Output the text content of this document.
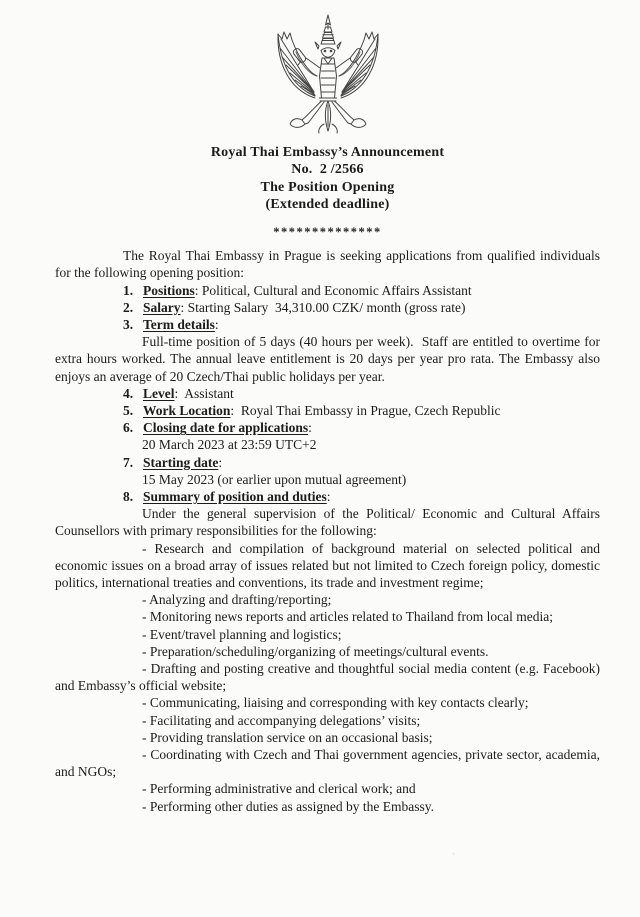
Royal Thai Embassy’s Announcement
No.  2 /2566
The Position Opening
(Extended deadline)
**************

The Royal Thai Embassy in Prague is seeking applications from qualified individuals for the following opening position:

1. Positions: Political, Cultural and Economic Affairs Assistant
2. Salary: Starting Salary  34,310.00 CZK/ month (gross rate)
3. Term details:

Full-time position of 5 days (40 hours per week).  Staff are entitled to overtime for extra hours worked. The annual leave entitlement is 20 days per year pro rata. The Embassy also enjoys an average of 20 Czech/Thai public holidays per year.

4. Level:  Assistant
5. Work Location:  Royal Thai Embassy in Prague, Czech Republic
6. Closing date for applications:
20 March 2023 at 23:59 UTC+2
7. Starting date:
15 May 2023 (or earlier upon mutual agreement)
8. Summary of position and duties:

Under the general supervision of the Political/ Economic and Cultural Affairs Counsellors with primary responsibilities for the following:

- Research and compilation of background material on selected political and economic issues on a broad array of issues related but not limited to Czech foreign policy, domestic politics, international treaties and conventions, its trade and investment regime;

- Analyzing and drafting/reporting;

- Monitoring news reports and articles related to Thailand from local media;

- Event/travel planning and logistics;

- Preparation/scheduling/organizing of meetings/cultural events.

- Drafting and posting creative and thoughtful social media content (e.g. Facebook) and Embassy’s official website;

- Communicating, liaising and corresponding with key contacts clearly;

- Facilitating and accompanying delegations’ visits;

- Providing translation service on an occasional basis;

- Coordinating with Czech and Thai government agencies, private sector, academia, and NGOs;

- Performing administrative and clerical work; and

- Performing other duties as assigned by the Embassy.

·
